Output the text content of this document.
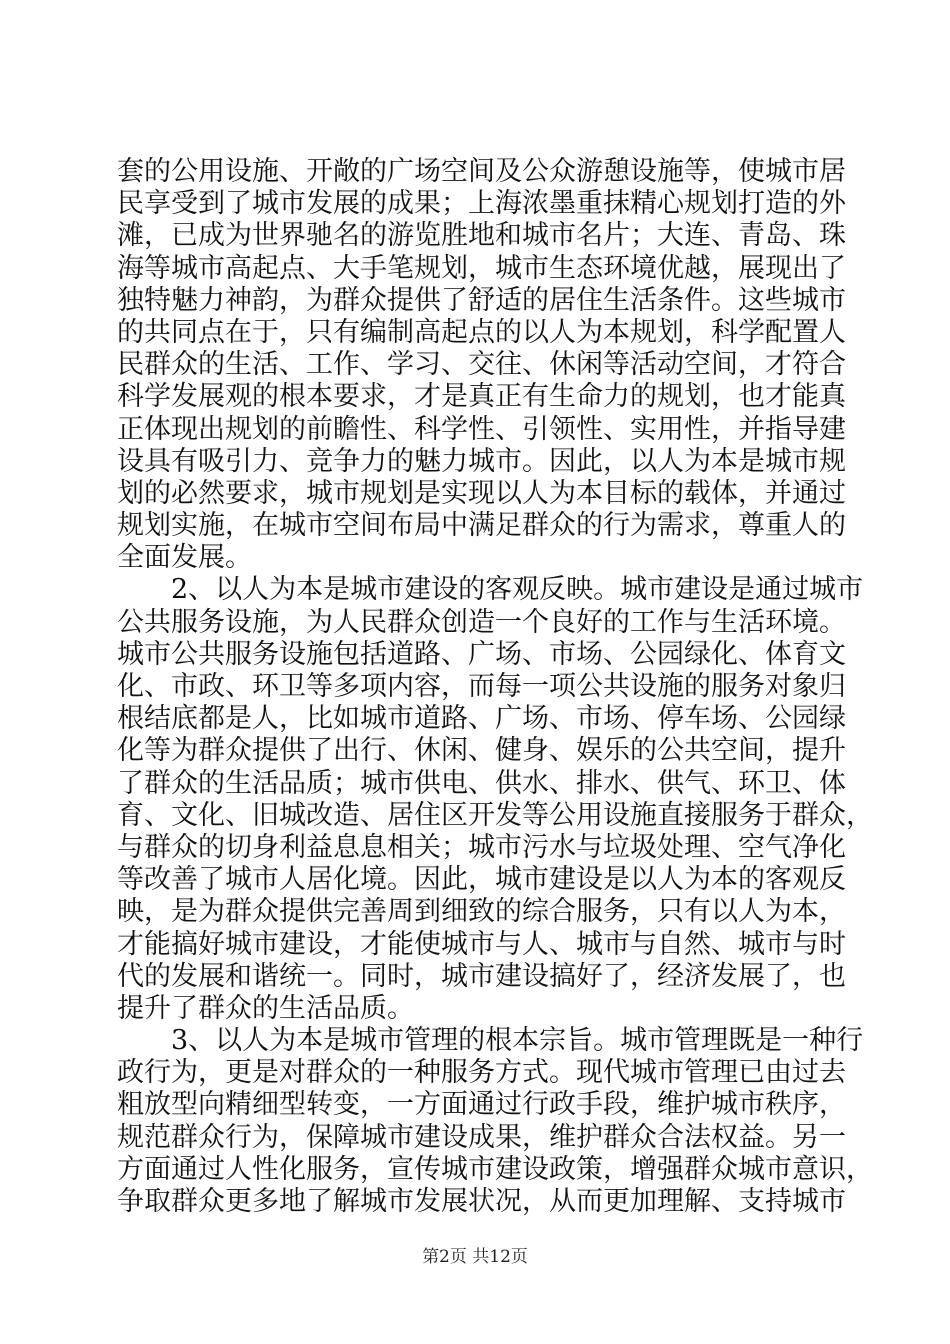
套的公用设施、开敞的广场空间及公众游憩设施等，使城市居
民享受到了城市发展的成果；上海浓墨重抹精心规划打造的外
滩，已成为世界驰名的游览胜地和城市名片；大连、青岛、珠
海等城市高起点、大手笔规划，城市生态环境优越，展现出了
独特魅力神韵，为群众提供了舒适的居住生活条件。这些城市
的共同点在于，只有编制高起点的以人为本规划，科学配置人
民群众的生活、工作、学习、交往、休闲等活动空间，才符合
科学发展观的根本要求，才是真正有生命力的规划，也才能真
正体现出规划的前瞻性、科学性、引领性、实用性，并指导建
设具有吸引力、竞争力的魅力城市。因此，以人为本是城市规
划的必然要求，城市规划是实现以人为本目标的载体，并通过
规划实施，在城市空间布局中满足群众的行为需求，尊重人的
全面发展。
2、以人为本是城市建设的客观反映。城市建设是通过城市
公共服务设施，为人民群众创造一个良好的工作与生活环境。
城市公共服务设施包括道路、广场、市场、公园绿化、体育文
化、市政、环卫等多项内容，而每一项公共设施的服务对象归
根结底都是人，比如城市道路、广场、市场、停车场、公园绿
化等为群众提供了出行、休闲、健身、娱乐的公共空间，提升
了群众的生活品质；城市供电、供水、排水、供气、环卫、体
育、文化、旧城改造、居住区开发等公用设施直接服务于群众，
与群众的切身利益息息相关；城市污水与垃圾处理、空气净化
等改善了城市人居化境。因此，城市建设是以人为本的客观反
映，是为群众提供完善周到细致的综合服务，只有以人为本，
才能搞好城市建设，才能使城市与人、城市与自然、城市与时
代的发展和谐统一。同时，城市建设搞好了，经济发展了，也
提升了群众的生活品质。
3、以人为本是城市管理的根本宗旨。城市管理既是一种行
政行为，更是对群众的一种服务方式。现代城市管理已由过去
粗放型向精细型转变，一方面通过行政手段，维护城市秩序，
规范群众行为，保障城市建设成果，维护群众合法权益。另一
方面通过人性化服务，宣传城市建设政策，增强群众城市意识，
争取群众更多地了解城市发展状况，从而更加理解、支持城市
第2页 共12页
